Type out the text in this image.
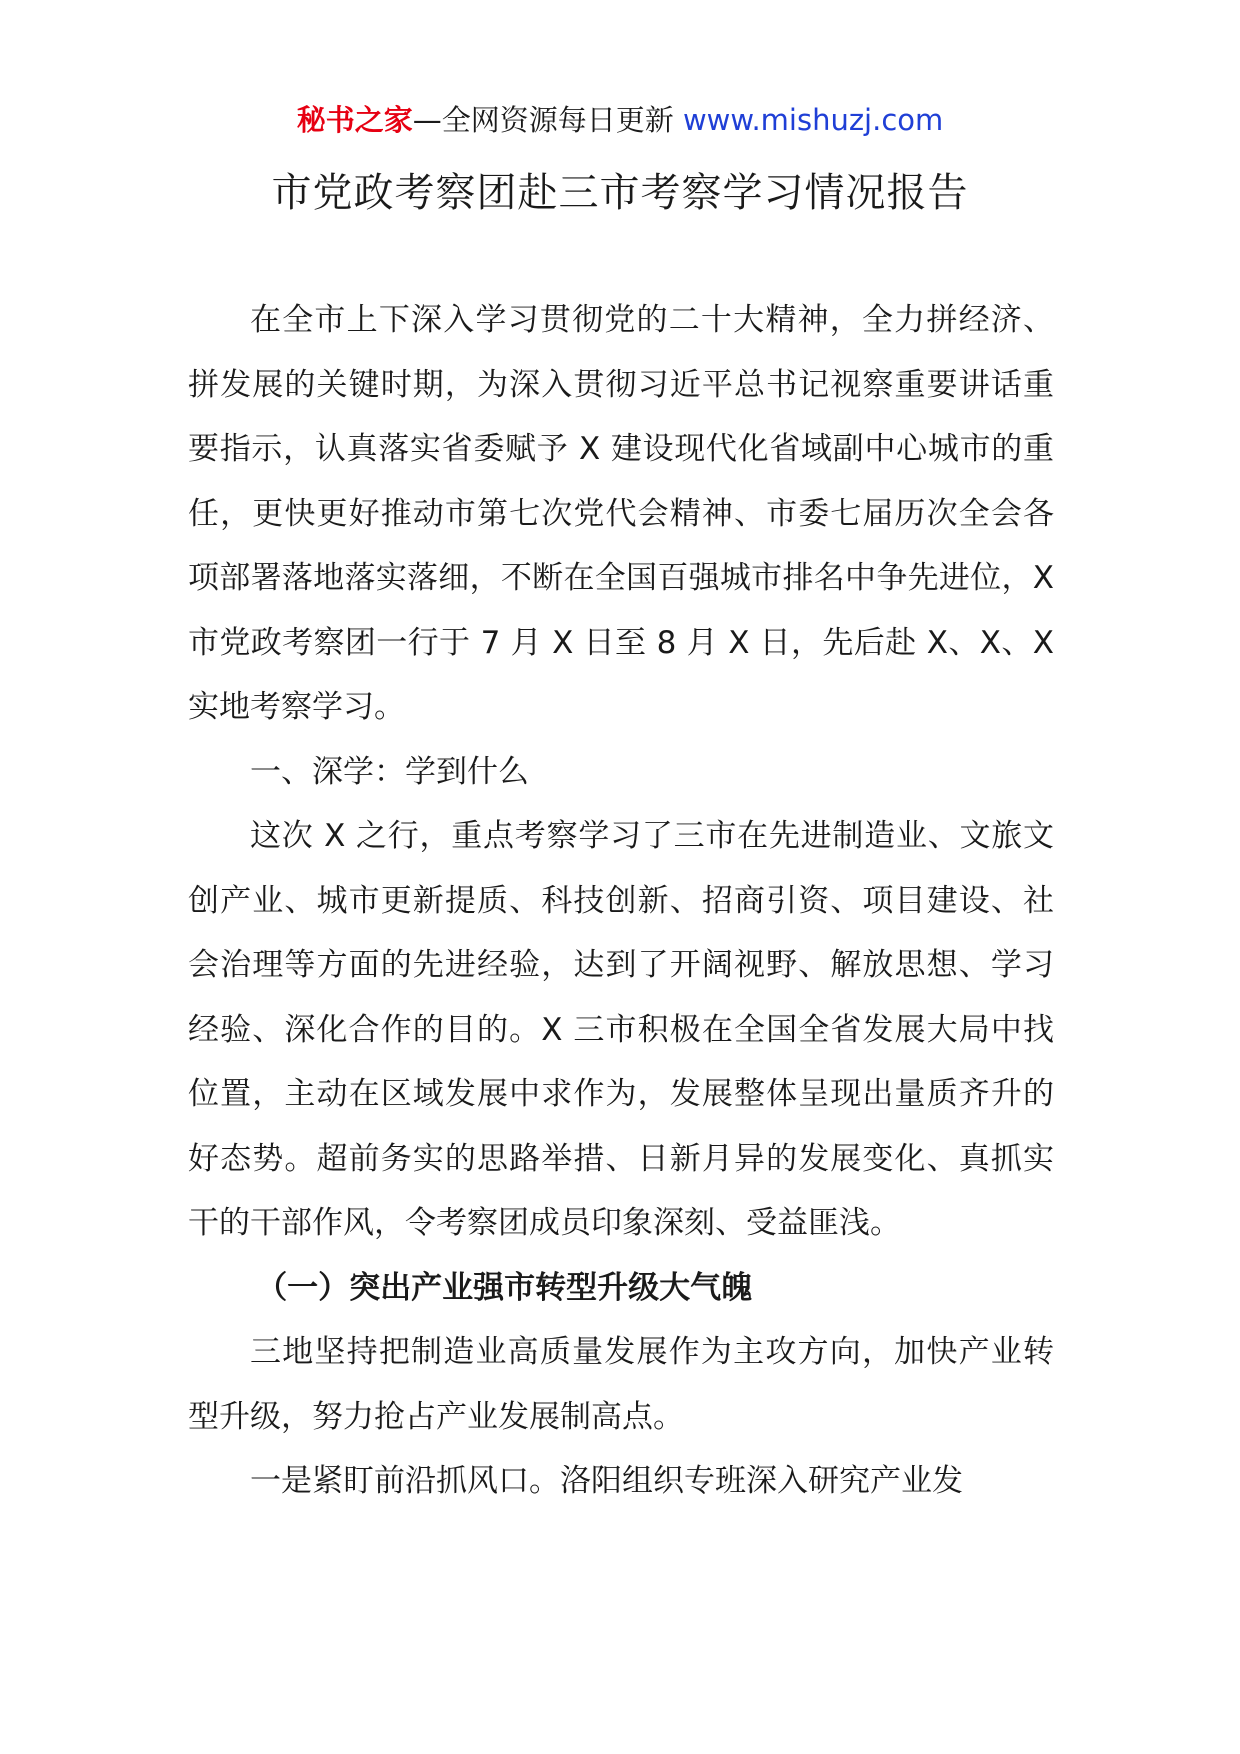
秘书之家—全网资源每日更新 www.mishuzj.com
市党政考察团赴三市考察学习情况报告

在全市上下深入学习贯彻党的二十大精神，全力拼经济、拼发展的关键时期，为深入贯彻习近平总书记视察重要讲话重要指示，认真落实省委赋予 X 建设现代化省域副中心城市的重任，更快更好推动市第七次党代会精神、市委七届历次全会各项部署落地落实落细，不断在全国百强城市排名中争先进位，X 市党政考察团一行于 7 月 X 日至 8 月 X 日，先后赴 X、X、X 实地考察学习。

一、深学：学到什么

这次 X 之行，重点考察学习了三市在先进制造业、文旅文创产业、城市更新提质、科技创新、招商引资、项目建设、社会治理等方面的先进经验，达到了开阔视野、解放思想、学习经验、深化合作的目的。X 三市积极在全国全省发展大局中找位置，主动在区域发展中求作为，发展整体呈现出量质齐升的好态势。超前务实的思路举措、日新月异的发展变化、真抓实干的干部作风，令考察团成员印象深刻、受益匪浅。

（一）突出产业强市转型升级大气魄

三地坚持把制造业高质量发展作为主攻方向，加快产业转型升级，努力抢占产业发展制高点。

一是紧盯前沿抓风口。洛阳组织专班深入研究产业发
